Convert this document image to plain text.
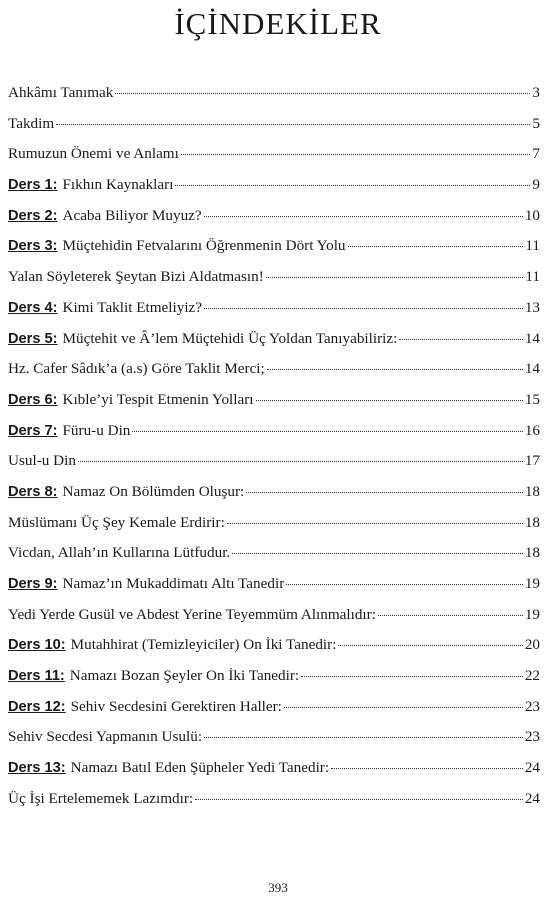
İÇİNDEKİLER
Ahkâmı Tanımak	3
Takdim	5
Rumuzun Önemi ve Anlamı	7
Ders 1: Fıkhın Kaynakları	9
Ders 2: Acaba Biliyor Muyuz?	10
Ders 3: Müçtehidin Fetvalarını Öğrenmenin Dört Yolu	11
Yalan Söyleterek Şeytan Bizi Aldatmasın!	11
Ders 4: Kimi Taklit Etmeliyiz?	13
Ders 5: Müçtehit ve Â’lem Müçtehidi Üç Yoldan Tanıyabiliriz:	14
Hz. Cafer Sâdık’a (a.s) Göre Taklit Merci;	14
Ders 6: Kıble’yi Tespit Etmenin Yolları	15
Ders 7: Füru-u Din	16
Usul-u Din	17
Ders 8: Namaz On Bölümden Oluşur:	18
Müslümanı Üç Şey Kemale Erdirir:	18
Vicdan, Allah’ın Kullarına Lütfudur.	18
Ders 9: Namaz’ın Mukaddimatı Altı Tanedir	19
Yedi Yerde Gusül ve Abdest Yerine Teyemmüm Alınmalıdır:	19
Ders 10: Mutahhirat (Temizleyiciler) On İki Tanedir:	20
Ders 11: Namazı Bozan Şeyler On İki Tanedir:	22
Ders 12: Sehiv Secdesini Gerektiren Haller:	23
Sehiv Secdesi Yapmanın Usulü:	23
Ders 13: Namazı Batıl Eden Şüpheler Yedi Tanedir:	24
Üç İşi Ertelememek Lazımdır:	24
393
